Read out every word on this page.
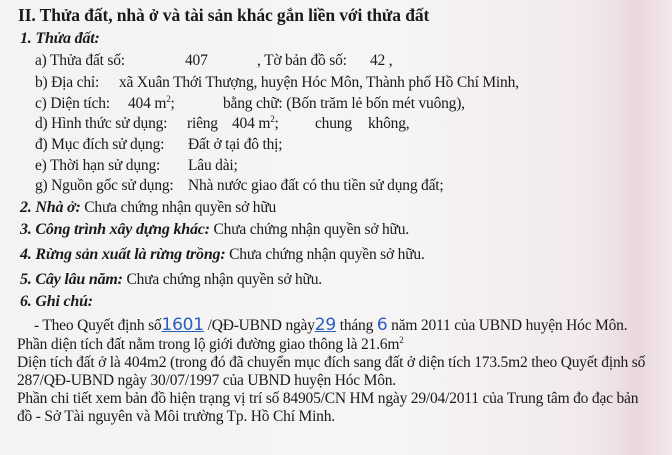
II. Thửa đất, nhà ở và tài sản khác gắn liền với thửa đất
1. Thửa đất:
a) Thửa đất số:	407	, Tờ bản đồ số: 42 ,
b) Địa chỉ: xã Xuân Thới Thượng, huyện Hóc Môn, Thành phố Hồ Chí Minh,
c) Diện tích: 404 $m^2$;	bằng chữ: (Bốn trăm lẻ bốn mét vuông),
d) Hình thức sử dụng: riêng 404 $m^2$; chung không,
đ) Mục đích sử dụng: Đất ở tại đô thị;
e) Thời hạn sử dụng: Lâu dài;
g) Nguồn gốc sử dụng: Nhà nước giao đất có thu tiền sử dụng đất;
2. Nhà ở: Chưa chứng nhận quyền sở hữu
3. Công trình xây dựng khác: Chưa chứng nhận quyền sở hữu.
4. Rừng sản xuất là rừng trồng: Chưa chứng nhận quyền sở hữu.
5. Cây lâu năm: Chưa chứng nhận quyền sở hữu.
6. Ghi chú:
- Theo Quyết định số1601 /QĐ-UBND ngày29 tháng 6 năm 2011 của UBND huyện Hóc Môn.
Phần diện tích đất nằm trong lộ giới đường giao thông là $21.6m^2$
Diện tích đất ở là 404m2 (trong đó đã chuyển mục đích sang đất ở diện tích 173.5m2 theo Quyết định số
287/QĐ-UBND ngày 30/07/1997 của UBND huyện Hóc Môn.
Phần chi tiết xem bản đồ hiện trạng vị trí số 84905/CN HM ngày 29/04/2011 của Trung tâm đo đạc bản
đồ - Sở Tài nguyên và Môi trường Tp. Hồ Chí Minh.
